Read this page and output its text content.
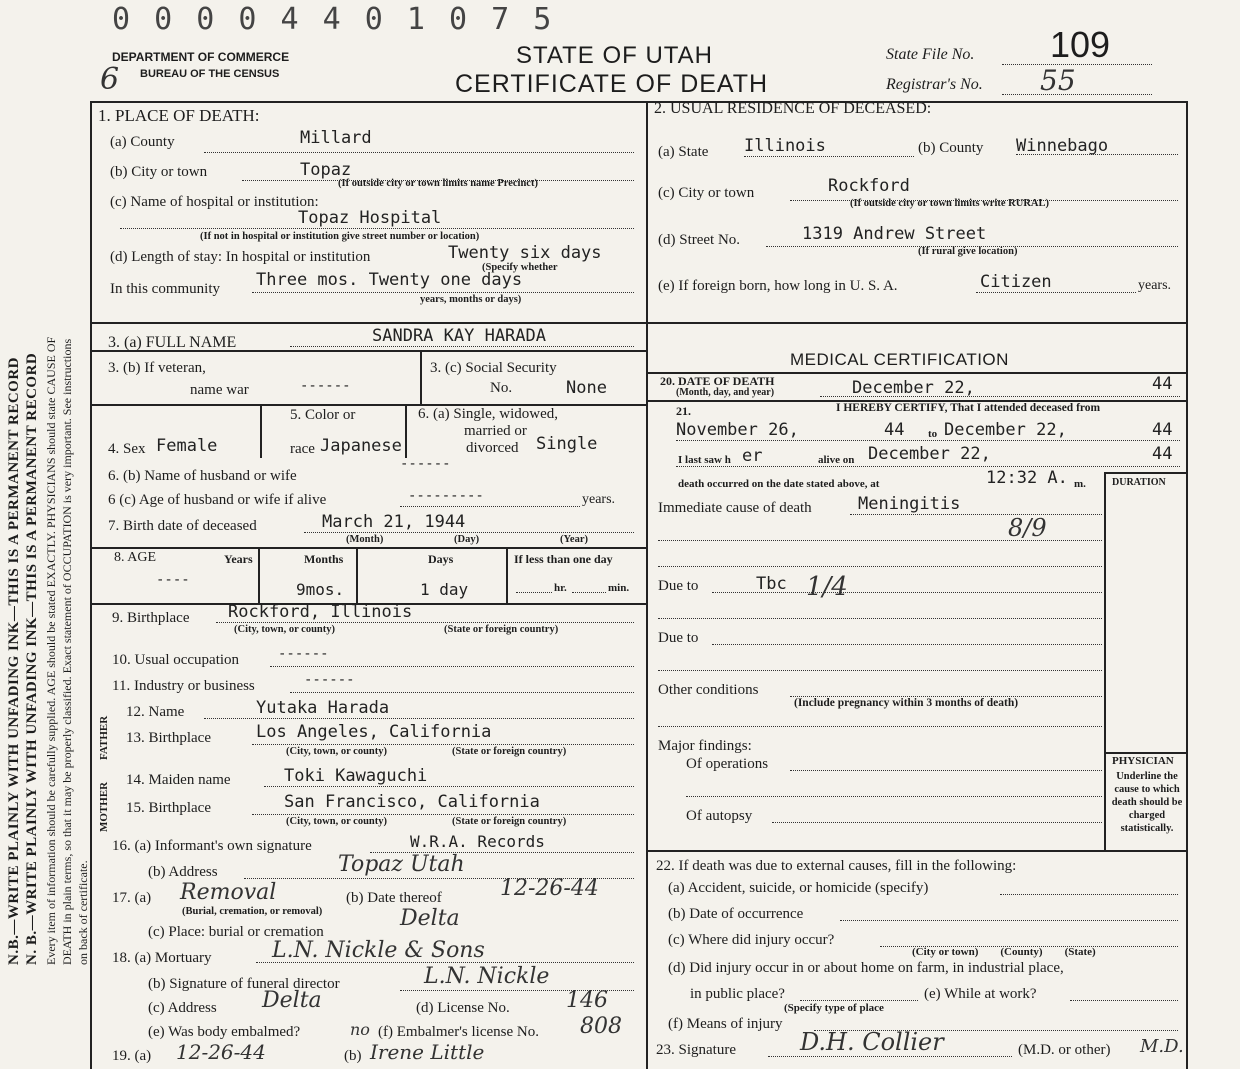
N.B.—WRITE PLAINLY WITH UNFADING INK—THIS IS A PERMANENT RECORD N. B.—WRITE PLAINLY WITH UNFADING INK—THIS IS A PERMANENT RECORD Every item of information should be carefully supplied. AGE should be stated EXACTLY. PHYSICIANS should state CAUSE OF DEATH in plain terms, so that it may be properly classified. Exact statement of OCCUPATION is very important. See instructions on back of certificate.
0 0 0 0 4 4 0 1 0 7 5
6
DEPARTMENT OF COMMERCE
BUREAU OF THE CENSUS
STATE OF UTAH
CERTIFICATE OF DEATH
State File No. 109
Registrar's No. 55
1. PLACE OF DEATH:
(a) County	Millard
(b) City or town	Topaz
(If outside city or town limits name Precinct)
(c) Name of hospital or institution:
Topaz Hospital
(If not in hospital or institution give street number or location)
(d) Length of stay: In hospital or institution	Twenty six days
(Specify whether
In this community Three mos. Twenty one days
years, months or days)
2. USUAL RESIDENCE OF DECEASED:
(a) State Illinois	(b) County Winnebago
(c) City or town	Rockford
(If outside city or town limits write RURAL)
(d) Street No.	1319 Andrew Street
(If rural give location)
(e) If foreign born, how long in U. S. A.	Citizen	years.
3. (a) FULL NAME	SANDRA KAY HARADA
3. (b) If veteran,
name war	------
3. (c) Social Security
No.	None
5. Color or	6. (a) Single, widowed,
married or
divorced
4. Sex Female	race Japanese	Single
6. (b) Name of husband or wife
------
6 (c) Age of husband or wife if alive	---------	years.
7. Birth date of deceased	March 21, 1944
(Month)	(Day)	(Year)
8. AGE	Years
----
Months
9mos.
Days
1 day
If less than one day
hr.	min.
9. Birthplace Rockford, Illinois
(City, town, or county)	(State or foreign country)
10. Usual occupation	------
11. Industry or business	------
FATHER
MOTHER
12. Name	Yutaka Harada
13. Birthplace	Los Angeles, California
(City, town, or county)	(State or foreign country)
14. Maiden name	Toki Kawaguchi
15. Birthplace	San Francisco, California
(City, town, or county)	(State or foreign country)
16. (a) Informant's own signature	W.R.A. Records
(b) Address	Topaz Utah
17. (a) Removal
(Burial, cremation, or removal)
(b) Date thereof	12-26-44
(c) Place: burial or cremation
Delta
18. (a) Mortuary	L.N. Nickle & Sons
(b) Signature of funeral director	L.N. Nickle
(c) Address Delta	(d) License No.	146
(e) Was body embalmed?	no (f) Embalmer's license No. 808
19. (a) 12-26-44	(b) Irene Little
MEDICAL CERTIFICATION
20. DATE OF DEATH
(Month, day, and year)	December 22,	44
21.	I HEREBY CERTIFY, That I attended deceased from
November 26,	44 to December 22,	44
I last saw h er	alive on December 22,	44
death occurred on the date stated above, at	12:32 A. m.	DURATION
Immediate cause of death	Meningitis
8/9
Due to	Tbc 1/4
Due to
Other conditions
(Include pregnancy within 3 months of death)
Major findings:
Of operations
Of autopsy
PHYSICIAN
Underline the cause to which death should be charged statistically.
22. If death was due to external causes, fill in the following:
(a) Accident, suicide, or homicide (specify)
(b) Date of occurrence
(c) Where did injury occur?
(City or town)        (County)        (State)
(d) Did injury occur in or about home on farm, in industrial place,
in public place?
(Specify type of place
(e) While at work?
(f) Means of injury
23. Signature	D.H. Collier	(M.D. or other) M.D.
